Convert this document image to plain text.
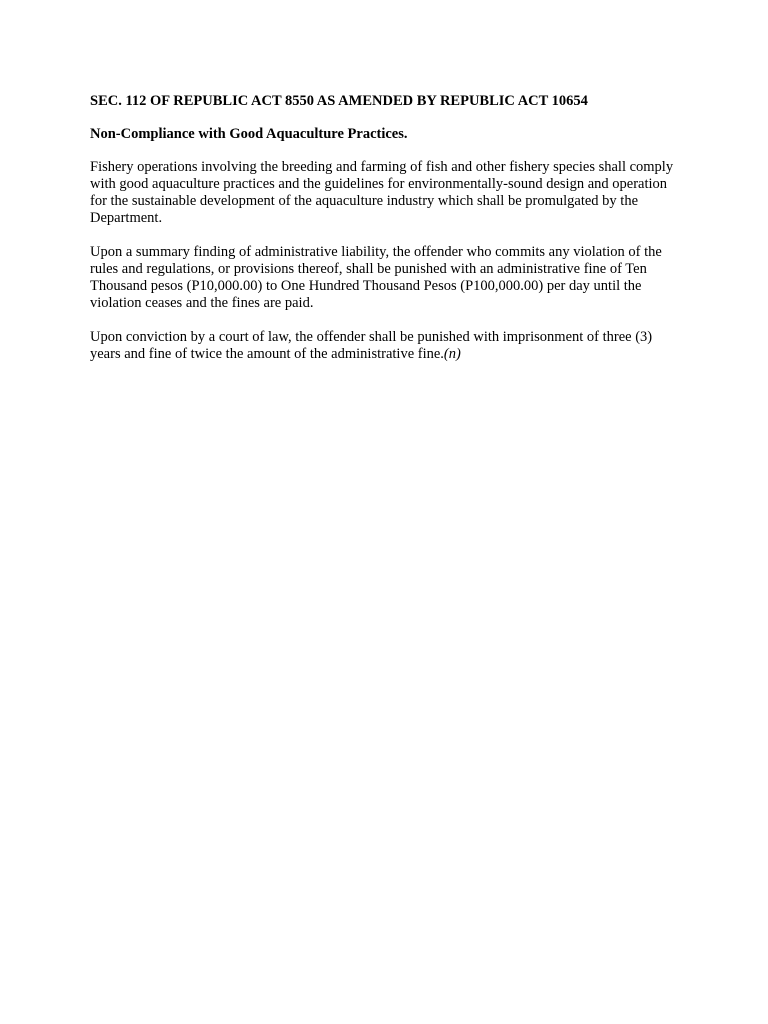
SEC. 112 OF REPUBLIC ACT 8550 AS AMENDED BY REPUBLIC ACT 10654
Non-Compliance with Good Aquaculture Practices.

Fishery operations involving the breeding and farming of fish and other fishery species shall comply
with good aquaculture practices and the guidelines for environmentally-sound design and operation
for the sustainable development of the aquaculture industry which shall be promulgated by the
Department.

Upon a summary finding of administrative liability, the offender who commits any violation of the
rules and regulations, or provisions thereof, shall be punished with an administrative fine of Ten
Thousand pesos (P10,000.00) to One Hundred Thousand Pesos (P100,000.00) per day until the
violation ceases and the fines are paid.

Upon conviction by a court of law, the offender shall be punished with imprisonment of three (3)
years and fine of twice the amount of the administrative fine.(n)
